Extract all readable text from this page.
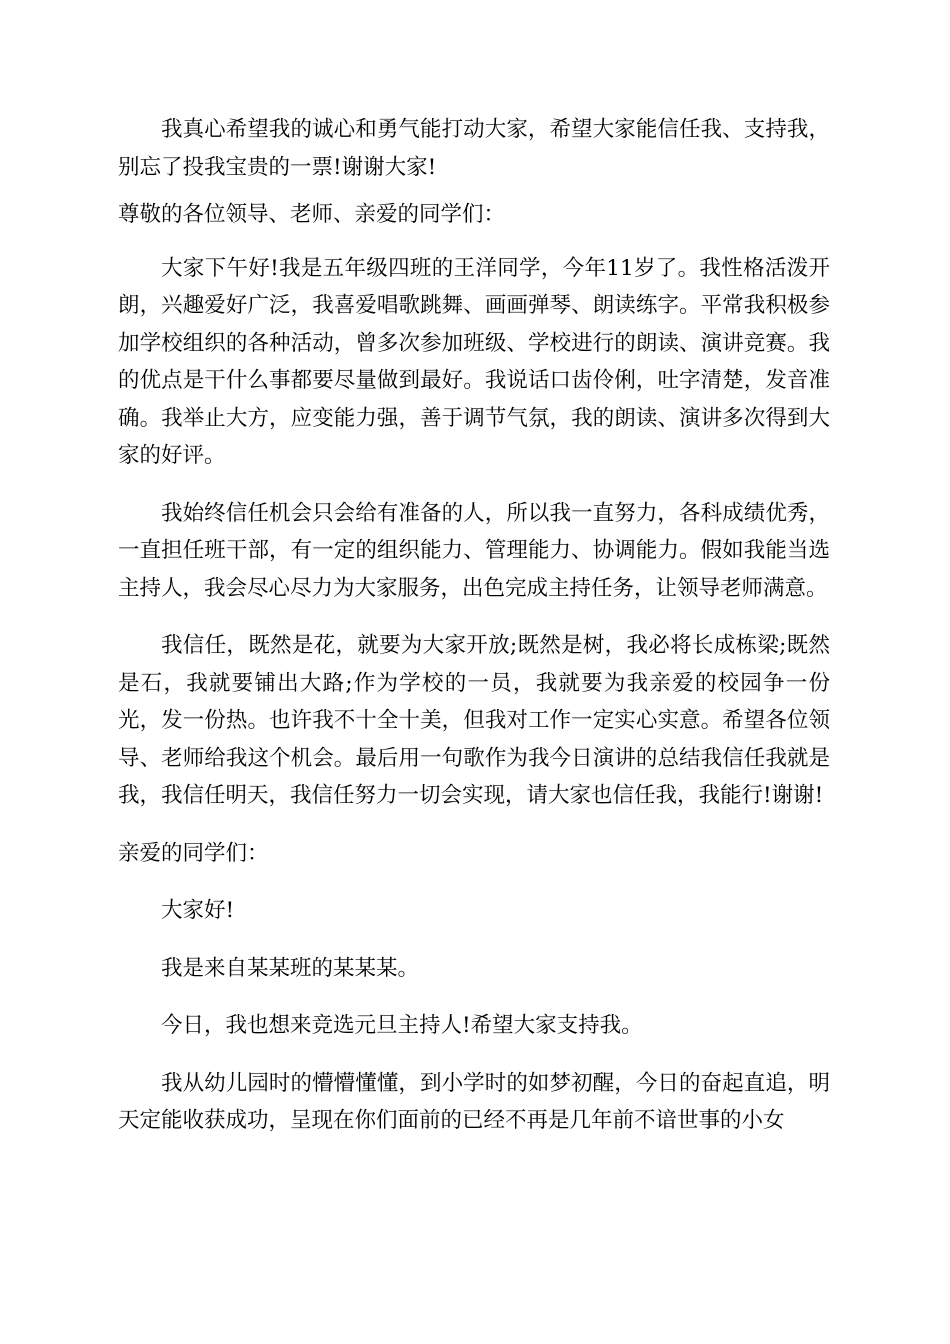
我真心希望我的诚心和勇气能打动大家，希望大家能信任我、支持我，别忘了投我宝贵的一票!谢谢大家!

尊敬的各位领导、老师、亲爱的同学们：

大家下午好!我是五年级四班的王洋同学，今年11岁了。我性格活泼开朗，兴趣爱好广泛，我喜爱唱歌跳舞、画画弹琴、朗读练字。平常我积极参加学校组织的各种活动，曾多次参加班级、学校进行的朗读、演讲竞赛。我的优点是干什么事都要尽量做到最好。我说话口齿伶俐，吐字清楚，发音准确。我举止大方，应变能力强，善于调节气氛，我的朗读、演讲多次得到大家的好评。

我始终信任机会只会给有准备的人，所以我一直努力，各科成绩优秀，一直担任班干部，有一定的组织能力、管理能力、协调能力。假如我能当选主持人，我会尽心尽力为大家服务，出色完成主持任务，让领导老师满意。

我信任，既然是花，就要为大家开放;既然是树，我必将长成栋梁;既然是石，我就要铺出大路;作为学校的一员，我就要为我亲爱的校园争一份光，发一份热。也许我不十全十美，但我对工作一定实心实意。希望各位领导、老师给我这个机会。最后用一句歌作为我今日演讲的总结我信任我就是我，我信任明天，我信任努力一切会实现，请大家也信任我，我能行!谢谢!

亲爱的同学们：

大家好!

我是来自某某班的某某某。

今日，我也想来竞选元旦主持人!希望大家支持我。

我从幼儿园时的懵懵懂懂，到小学时的如梦初醒，今日的奋起直追，明天定能收获成功，呈现在你们面前的已经不再是几年前不谙世事的小女
